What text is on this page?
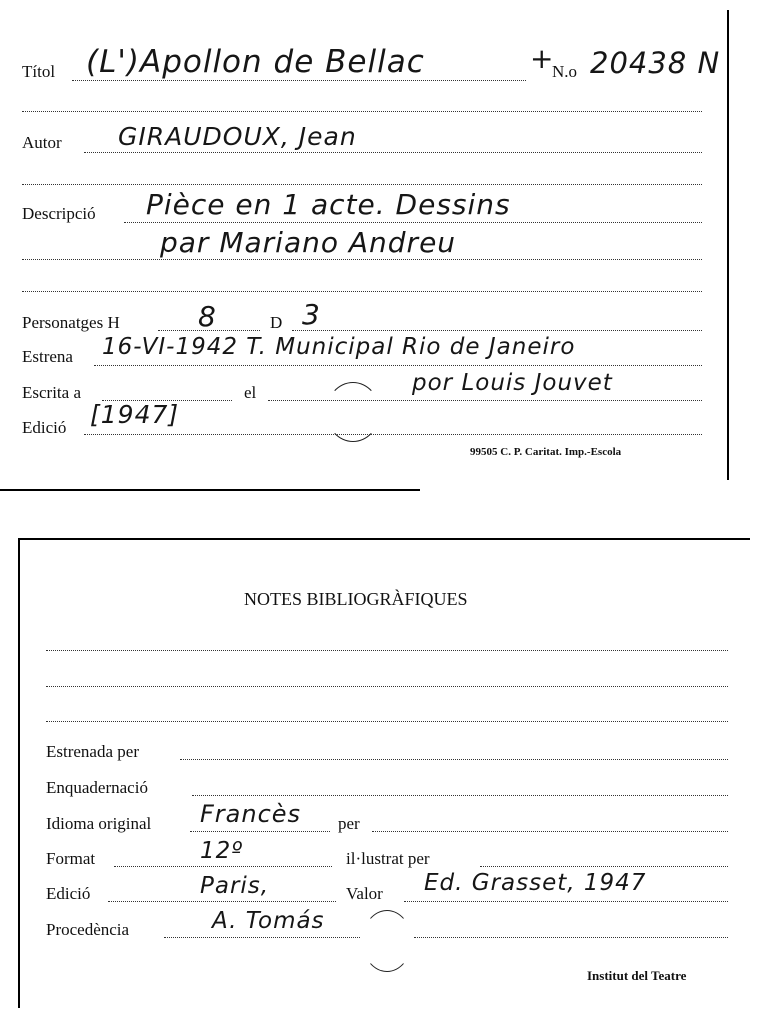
Títol (L')Apollon de Bellac	+
N.o 20438 N
Autor GIRAUDOUX, Jean
Descripció Pièce en 1 acte. Dessins
par Mariano Andreu
Personatges H	8	D 3
Estrena 16-VI-1942 T. Municipal Rio de Janeiro
Escrita a	el	por Louis Jouvet
Edició [1947]
99505 C. P. Caritat. Imp.-Escola
NOTES BIBLIOGRÀFIQUES
Estrenada per
Enquadernació
Idioma original Francès per
Format	12º	il·lustrat per
Edició	Paris,	Valor Ed. Grasset, 1947
Procedència	A. Tomás
Institut del Teatre
